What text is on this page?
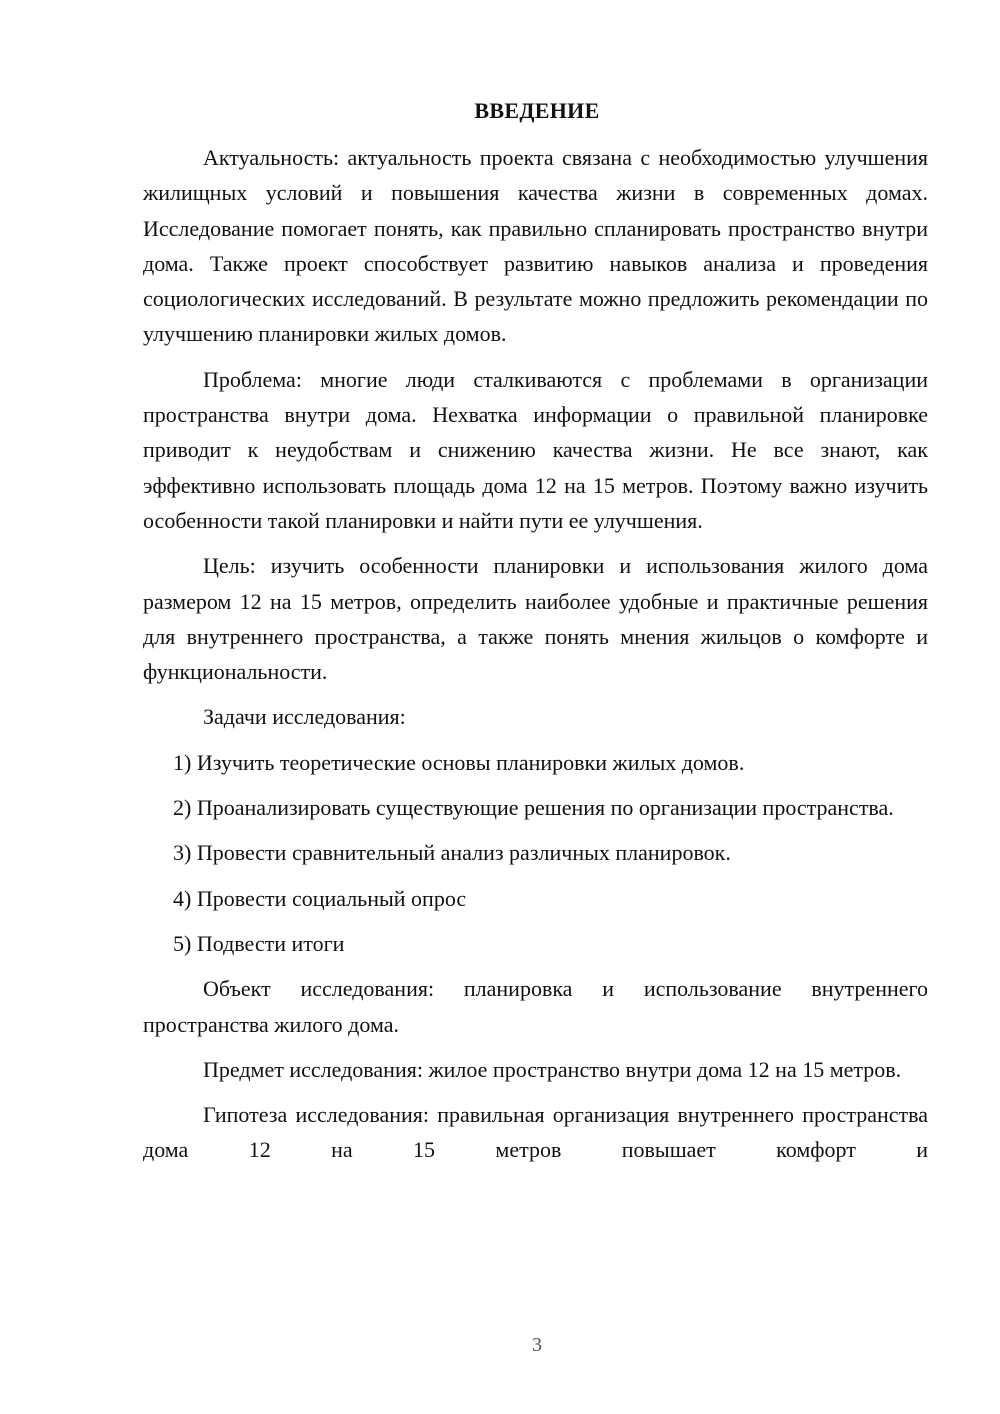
ВВЕДЕНИЕ

Актуальность: актуальность проекта связана с необходимостью улучшения жилищных условий и повышения качества жизни в современных домах. Исследование помогает понять, как правильно спланировать пространство внутри дома. Также проект способствует развитию навыков анализа и проведения социологических исследований. В результате можно предложить рекомендации по улучшению планировки жилых домов.

Проблема: многие люди сталкиваются с проблемами в организации пространства внутри дома. Нехватка информации о правильной планировке приводит к неудобствам и снижению качества жизни. Не все знают, как эффективно использовать площадь дома 12 на 15 метров. Поэтому важно изучить особенности такой планировки и найти пути ее улучшения.

Цель: изучить особенности планировки и использования жилого дома размером 12 на 15 метров, определить наиболее удобные и практичные решения для внутреннего пространства, а также понять мнения жильцов о комфорте и функциональности.

Задачи исследования:

1) Изучить теоретические основы планировки жилых домов.

2) Проанализировать существующие решения по организации пространства.

3) Провести сравнительный анализ различных планировок.

4) Провести социальный опрос

5) Подвести итоги

Объект исследования: планировка и использование внутреннего пространства жилого дома.

Предмет исследования: жилое пространство внутри дома 12 на 15 метров.

Гипотеза исследования: правильная организация внутреннего пространства дома 12 на 15 метров повышает комфорт и

3
